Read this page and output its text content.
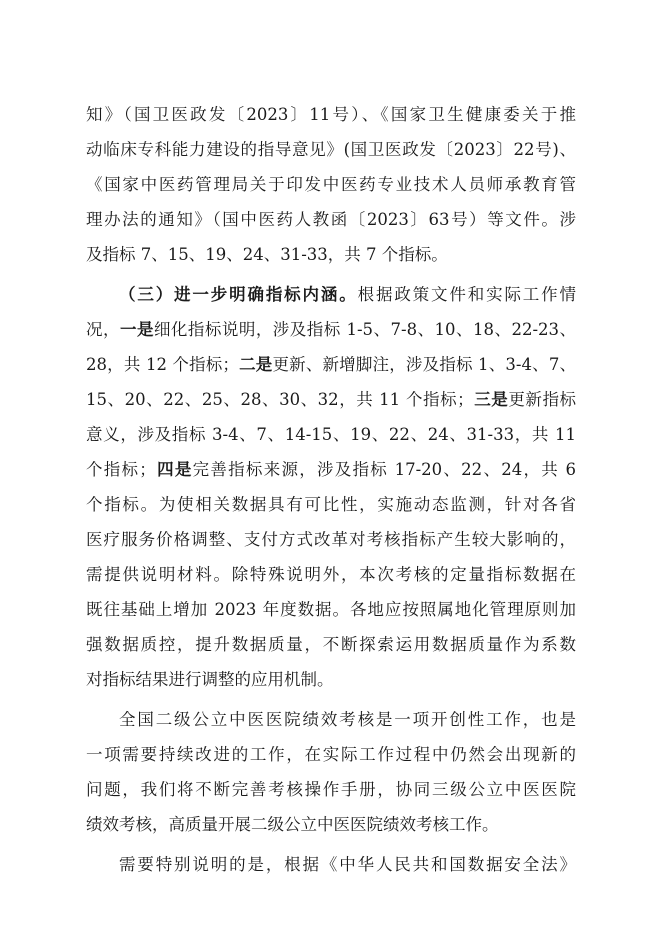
知》（国卫医政发〔2023〕11号）、《国家卫生健康委关于推
动临床专科能力建设的指导意见》(国卫医政发〔2023〕22号)、
《国家中医药管理局关于印发中医药专业技术人员师承教育管
理办法的通知》（国中医药人教函〔2023〕63号）等文件。涉
及指标 7、15、19、24、31-33，共 7 个指标。
（三）进一步明确指标内涵。根据政策文件和实际工作情
况，一是细化指标说明，涉及指标 1-5、7-8、10、18、22-23、
28，共 12 个指标；二是更新、新增脚注，涉及指标 1、3-4、7、
15、20、22、25、28、30、32，共 11 个指标；三是更新指标
意义，涉及指标 3-4、7、14-15、19、22、24、31-33，共 11
个指标；四是完善指标来源，涉及指标 17-20、22、24，共 6
个指标。为使相关数据具有可比性，实施动态监测，针对各省
医疗服务价格调整、支付方式改革对考核指标产生较大影响的，
需提供说明材料。除特殊说明外，本次考核的定量指标数据在
既往基础上增加 2023 年度数据。各地应按照属地化管理原则加
强数据质控，提升数据质量，不断探索运用数据质量作为系数
对指标结果进行调整的应用机制。
全国二级公立中医医院绩效考核是一项开创性工作，也是
一项需要持续改进的工作，在实际工作过程中仍然会出现新的
问题，我们将不断完善考核操作手册，协同三级公立中医医院
绩效考核，高质量开展二级公立中医医院绩效考核工作。
需要特别说明的是，根据《中华人民共和国数据安全法》
